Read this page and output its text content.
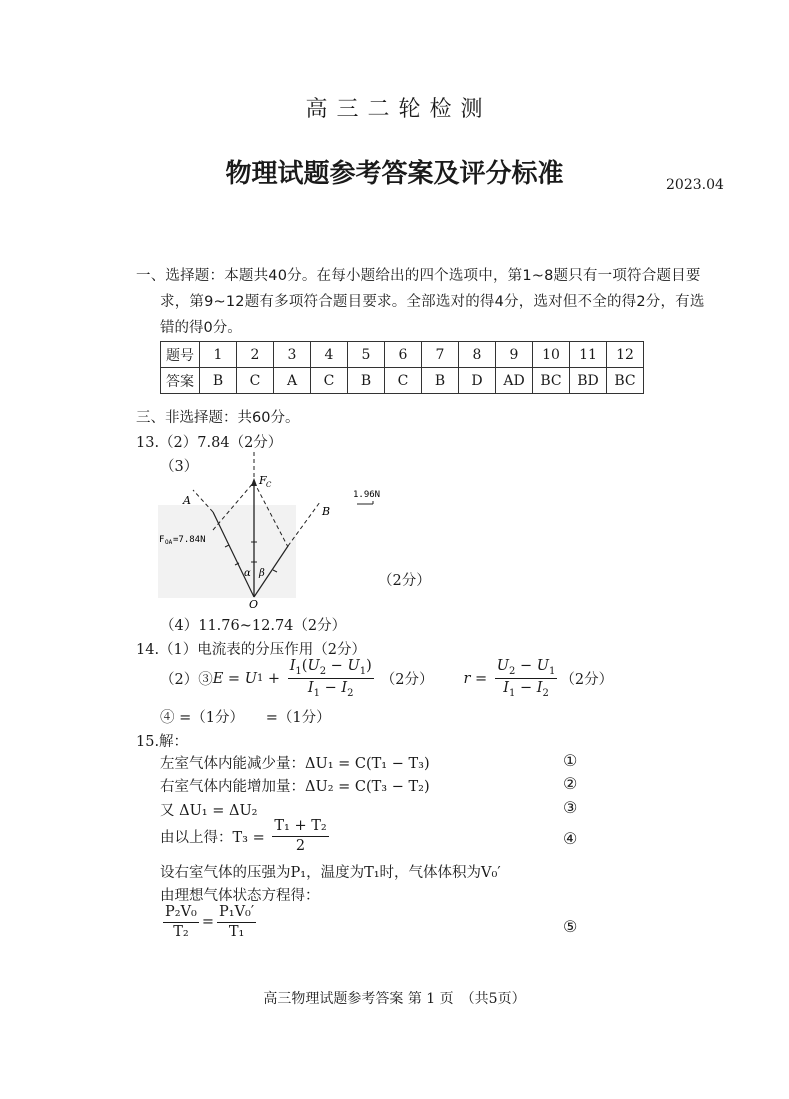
高 三 二 轮 检 测
物理试题参考答案及评分标准	2023.04
一、选择题：本题共40分。在每小题给出的四个选项中，第1~8题只有一项符合题目要
求，第9~12题有多项符合题目要求。全部选对的得4分，选对但不全的得2分，有选
错的得0分。
题号	1	2	3	4	5	6	7	8	9	10	11	12
答案	B	C	A	C	B	C	B	D	AD	BC	BD	BC
三、非选择题：共60分。
13.（2）7.84（2分）
（3）
F C
A
B
O
α β
1.96N
F OA =7.84N
（2分）
（4）11.76~12.74（2分）
14.（1）电流表的分压作用（2分）
（2）③ E = U $1 + \frac{I_1(U_2 - U_1)}{I_1 - I_2} (2$分） $r = \frac{U_2 - U_1}{I_1 - I_2} (2$分）
④ =（1分）　　=（1分）
15.解：
左室气体内能减少量：ΔU₁ = C(T₁ − T₃)
右室气体内能增加量：ΔU₂ = C(T₃ − T₂)
又 ΔU₁ = ΔU₂
由以上得：$T_3 = \frac{\text{T₁ + T₂}}{2}$
设右室气体的压强为P₁，温度为T₁时，气体体积为V₀′
由理想气体状态方程得：
$\frac{\text{P₂V₀}}{\text{T₂}} = \frac{\text{P₁V₀′}}{\text{T₁}}$
①
②
③
④
⑤
高三物理试题参考答案 第 1 页　（共5页）
